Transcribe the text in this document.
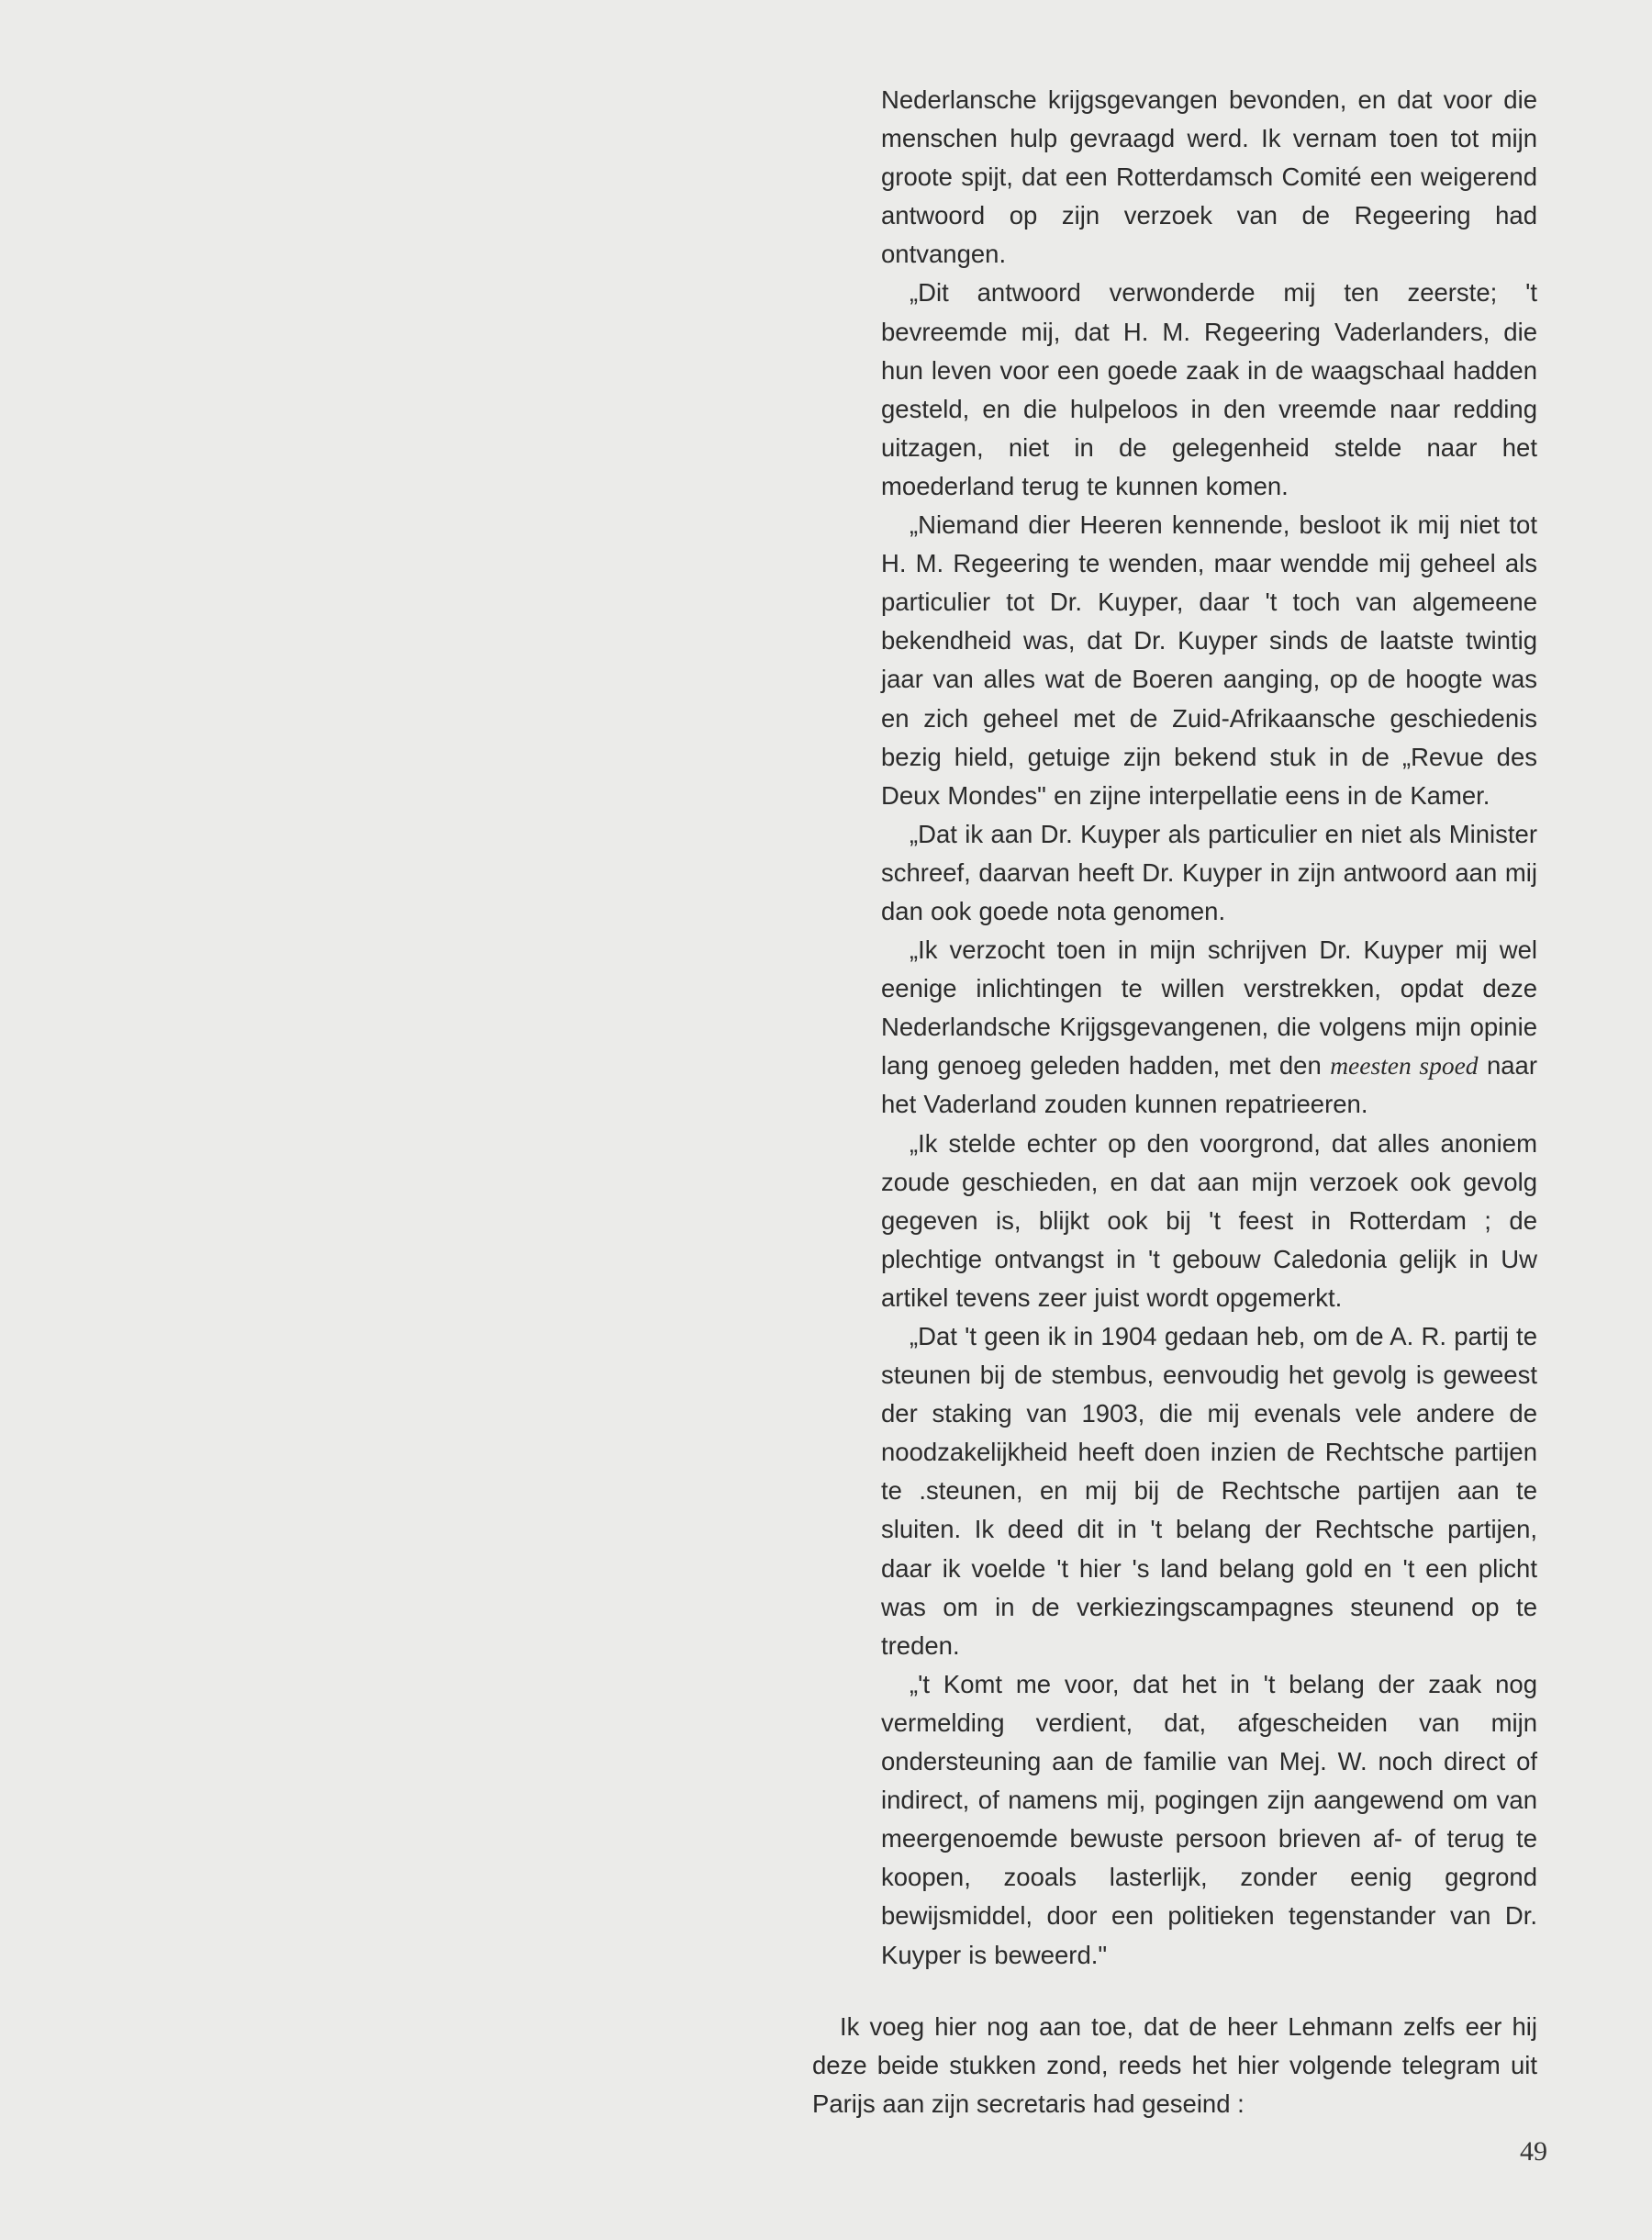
Nederlansche krijgsgevangen bevonden, en dat voor die menschen hulp gevraagd werd. Ik vernam toen tot mijn groote spijt, dat een Rotterdamsch Comité een weigerend antwoord op zijn verzoek van de Regeering had ontvangen.

„Dit antwoord verwonderde mij ten zeerste; 't bevreemde mij, dat H. M. Regeering Vaderlanders, die hun leven voor een goede zaak in de waagschaal hadden gesteld, en die hulpeloos in den vreemde naar redding uitzagen, niet in de gelegenheid stelde naar het moederland terug te kunnen komen.

„Niemand dier Heeren kennende, besloot ik mij niet tot H. M. Regeering te wenden, maar wendde mij geheel als particulier tot Dr. Kuyper, daar 't toch van algemeene bekendheid was, dat Dr. Kuyper sinds de laatste twintig jaar van alles wat de Boeren aanging, op de hoogte was en zich geheel met de Zuid-Afrikaansche geschiedenis bezig hield, getuige zijn bekend stuk in de „Revue des Deux Mondes" en zijne interpellatie eens in de Kamer.

„Dat ik aan Dr. Kuyper als particulier en niet als Minister schreef, daarvan heeft Dr. Kuyper in zijn antwoord aan mij dan ook goede nota genomen.

„Ik verzocht toen in mijn schrijven Dr. Kuyper mij wel eenige inlichtingen te willen verstrekken, opdat deze Nederlandsche Krijgsgevangenen, die volgens mijn opinie lang genoeg geleden hadden, met den meesten spoed naar het Vaderland zouden kunnen repatrieeren.

„Ik stelde echter op den voorgrond, dat alles anoniem zoude geschieden, en dat aan mijn verzoek ook gevolg gegeven is, blijkt ook bij 't feest in Rotterdam ; de plechtige ontvangst in 't gebouw Caledonia gelijk in Uw artikel tevens zeer juist wordt opgemerkt.

„Dat 't geen ik in 1904 gedaan heb, om de A. R. partij te steunen bij de stembus, eenvoudig het gevolg is geweest der staking van 1903, die mij evenals vele andere de noodzakelijkheid heeft doen inzien de Rechtsche partijen te .steunen, en mij bij de Rechtsche partijen aan te sluiten. Ik deed dit in 't belang der Rechtsche partijen, daar ik voelde 't hier 's land belang gold en 't een plicht was om in de verkiezingscampagnes steunend op te treden.

„'t Komt me voor, dat het in 't belang der zaak nog vermelding verdient, dat, afgescheiden van mijn ondersteuning aan de familie van Mej. W. noch direct of indirect, of namens mij, pogingen zijn aangewend om van meergenoemde bewuste persoon brieven af- of terug te koopen, zooals lasterlijk, zonder eenig gegrond bewijsmiddel, door een politieken tegenstander van Dr. Kuyper is beweerd."

Ik voeg hier nog aan toe, dat de heer Lehmann zelfs eer hij deze beide stukken zond, reeds het hier volgende telegram uit Parijs aan zijn secretaris had geseind :

49
